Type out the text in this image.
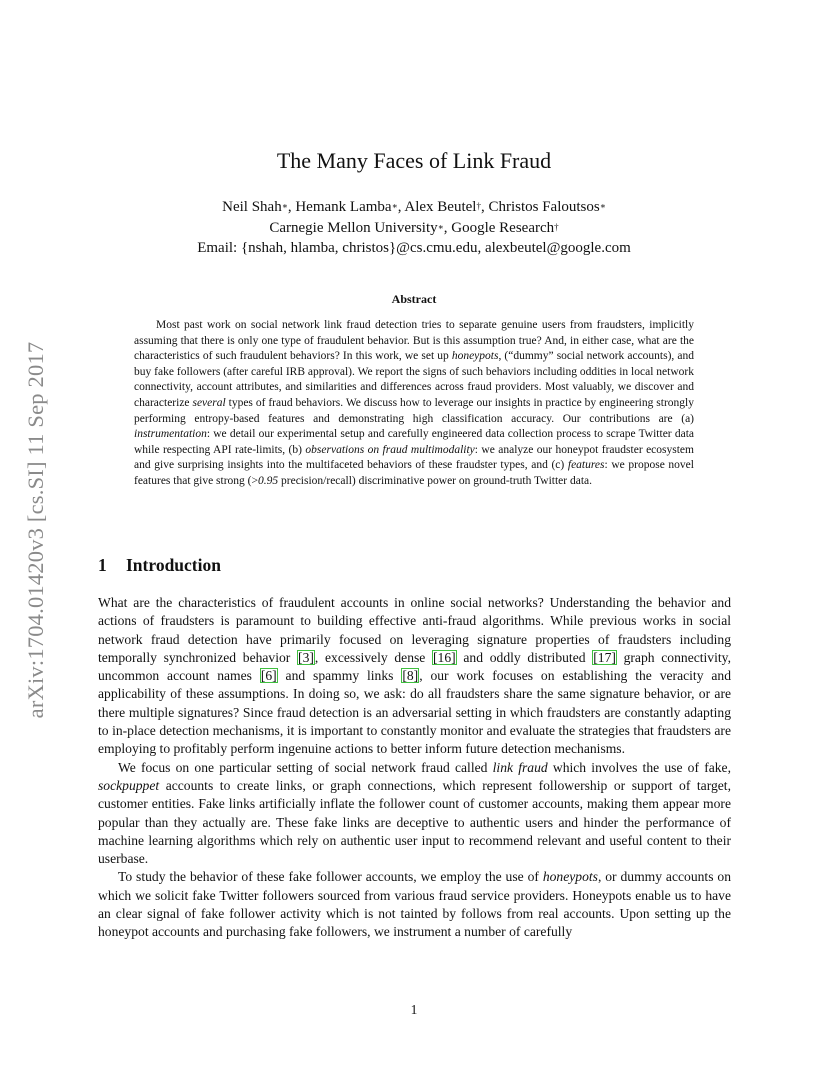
arXiv:1704.01420v3 [cs.SI] 11 Sep 2017
The Many Faces of Link Fraud
Neil Shah∗, Hemank Lamba∗, Alex Beutel†, Christos Faloutsos∗
Carnegie Mellon University∗, Google Research†
Email: {nshah, hlamba, christos}@cs.cmu.edu, alexbeutel@google.com
Abstract

Most past work on social network link fraud detection tries to separate genuine users from fraudsters, implicitly assuming that there is only one type of fraudulent behavior. But is this assumption true? And, in either case, what are the characteristics of such fraudulent behaviors? In this work, we set up honeypots, (“dummy” social network accounts), and buy fake followers (after careful IRB approval). We report the signs of such behaviors including oddities in local network connectivity, account attributes, and similarities and differences across fraud providers. Most valuably, we discover and characterize several types of fraud behaviors. We discuss how to leverage our insights in practice by engineering strongly performing entropy-based features and demonstrating high classification accuracy. Our contributions are (a) instrumentation: we detail our experimental setup and carefully engineered data collection process to scrape Twitter data while respecting API rate-limits, (b) observations on fraud multimodality: we analyze our honeypot fraudster ecosystem and give surprising insights into the multifaceted behaviors of these fraudster types, and (c) features: we propose novel features that give strong (>0.95 precision/recall) discriminative power on ground-truth Twitter data.

1 Introduction

What are the characteristics of fraudulent accounts in online social networks? Understanding the behavior and actions of fraudsters is paramount to building effective anti-fraud algorithms. While previous works in social network fraud detection have primarily focused on leveraging signature properties of fraudsters including temporally synchronized behavior [3], excessively dense [16] and oddly distributed [17] graph connectivity, uncommon account names [6] and spammy links [8], our work focuses on establishing the veracity and applicability of these assumptions. In doing so, we ask: do all fraudsters share the same signature behavior, or are there multiple signatures? Since fraud detection is an adversarial setting in which fraudsters are constantly adapting to in-place detection mechanisms, it is important to constantly monitor and evaluate the strategies that fraudsters are employing to profitably perform ingenuine actions to better inform future detection mechanisms.

We focus on one particular setting of social network fraud called link fraud which involves the use of fake, sockpuppet accounts to create links, or graph connections, which represent followership or support of target, customer entities. Fake links artificially inflate the follower count of customer accounts, making them appear more popular than they actually are. These fake links are deceptive to authentic users and hinder the performance of machine learning algorithms which rely on authentic user input to recommend relevant and useful content to their userbase.

To study the behavior of these fake follower accounts, we employ the use of honeypots, or dummy accounts on which we solicit fake Twitter followers sourced from various fraud service providers. Honeypots enable us to have an clear signal of fake follower activity which is not tainted by follows from real accounts. Upon setting up the honeypot accounts and purchasing fake followers, we instrument a number of carefully

1
